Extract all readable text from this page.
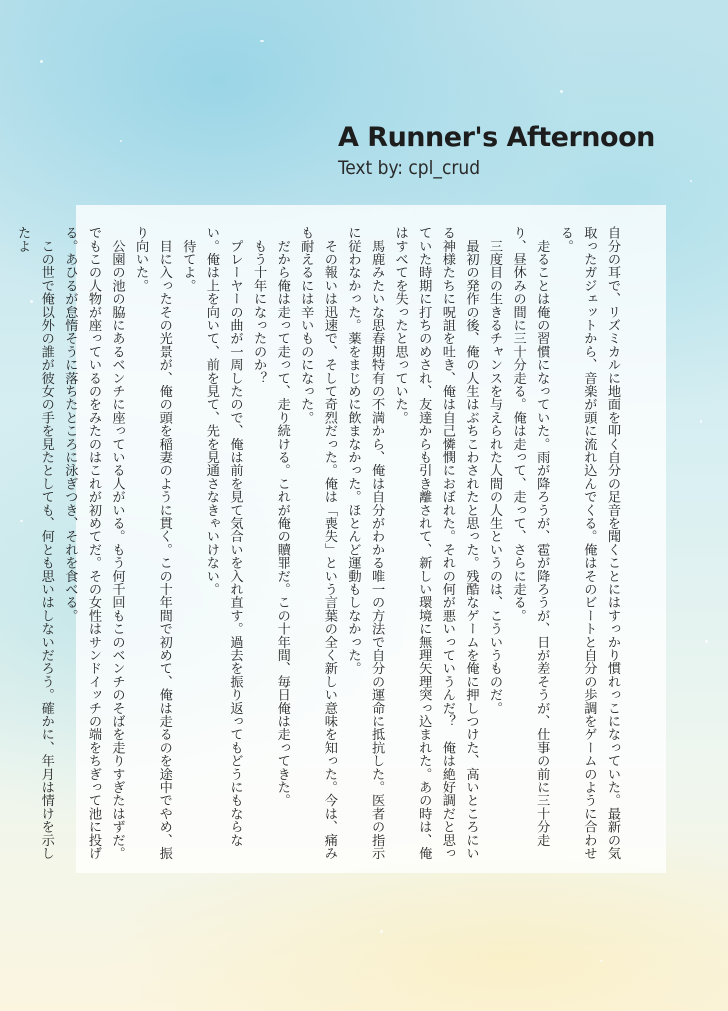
A Runner's Afternoon
Text by: cpl_crud

自分の耳で、リズミカルに地面を叩く自分の足音を聞くことにはすっかり慣れっこになっていた。最新の気取ったガジェットから、音楽が頭に流れ込んでくる。俺はそのビートと自分の歩調をゲームのように合わせる。

　走ることは俺の習慣になっていた。雨が降ろうが、雹が降ろうが、日が差そうが、仕事の前に三十分走り、昼休みの間に三十分走る。俺は走って、走って、さらに走る。

　三度目の生きるチャンスを与えられた人間の人生というのは、こういうものだ。

　最初の発作の後、俺の人生はぶちこわされたと思った。残酷なゲームを俺に押しつけた、高いところにいる神様たちに呪詛を吐き、俺は自己憐憫におぼれた。それの何が悪いっていうんだ？　俺は絶好調だと思っていた時期に打ちのめされ、友達からも引き離されて、新しい環境に無理矢理突っ込まれた。あの時は、俺はすべてを失ったと思っていた。

　馬鹿みたいな思春期特有の不満から、俺は自分がわかる唯一の方法で自分の運命に抵抗した。医者の指示に従わなかった。薬をまじめに飲まなかった。ほとんど運動もしなかった。

　その報いは迅速で、そして奇烈だった。俺は「喪失」という言葉の全く新しい意味を知った。今は、痛みも耐えるには辛いものになった。

　だから俺は走って走って、走り続ける。これが俺の贖罪だ。この十年間、毎日俺は走ってきた。

　もう十年になったのか？

　プレーヤーの曲が一周したので、俺は前を見て気合いを入れ直す。過去を振り返ってもどうにもならない。俺は上を向いて、前を見て、先を見通さなきゃいけない。

　待てよ。

　目に入ったその光景が、俺の頭を稲妻のように貫く。この十年間で初めて、俺は走るのを途中でやめ、振り向いた。

　公園の池の脇にあるベンチに座っている人がいる。もう何千回もこのベンチのそばを走りすぎたはずだ。でもこの人物が座っているのをみたのはこれが初めてだ。その女性はサンドイッチの端をちぎって池に投げる。あひるが怠惰そうに落ちたところに泳ぎつき、それを食べる。

　この世で俺以外の誰が彼女の手を見たとしても、何とも思いはしないだろう。確かに、年月は情けを示したよ
